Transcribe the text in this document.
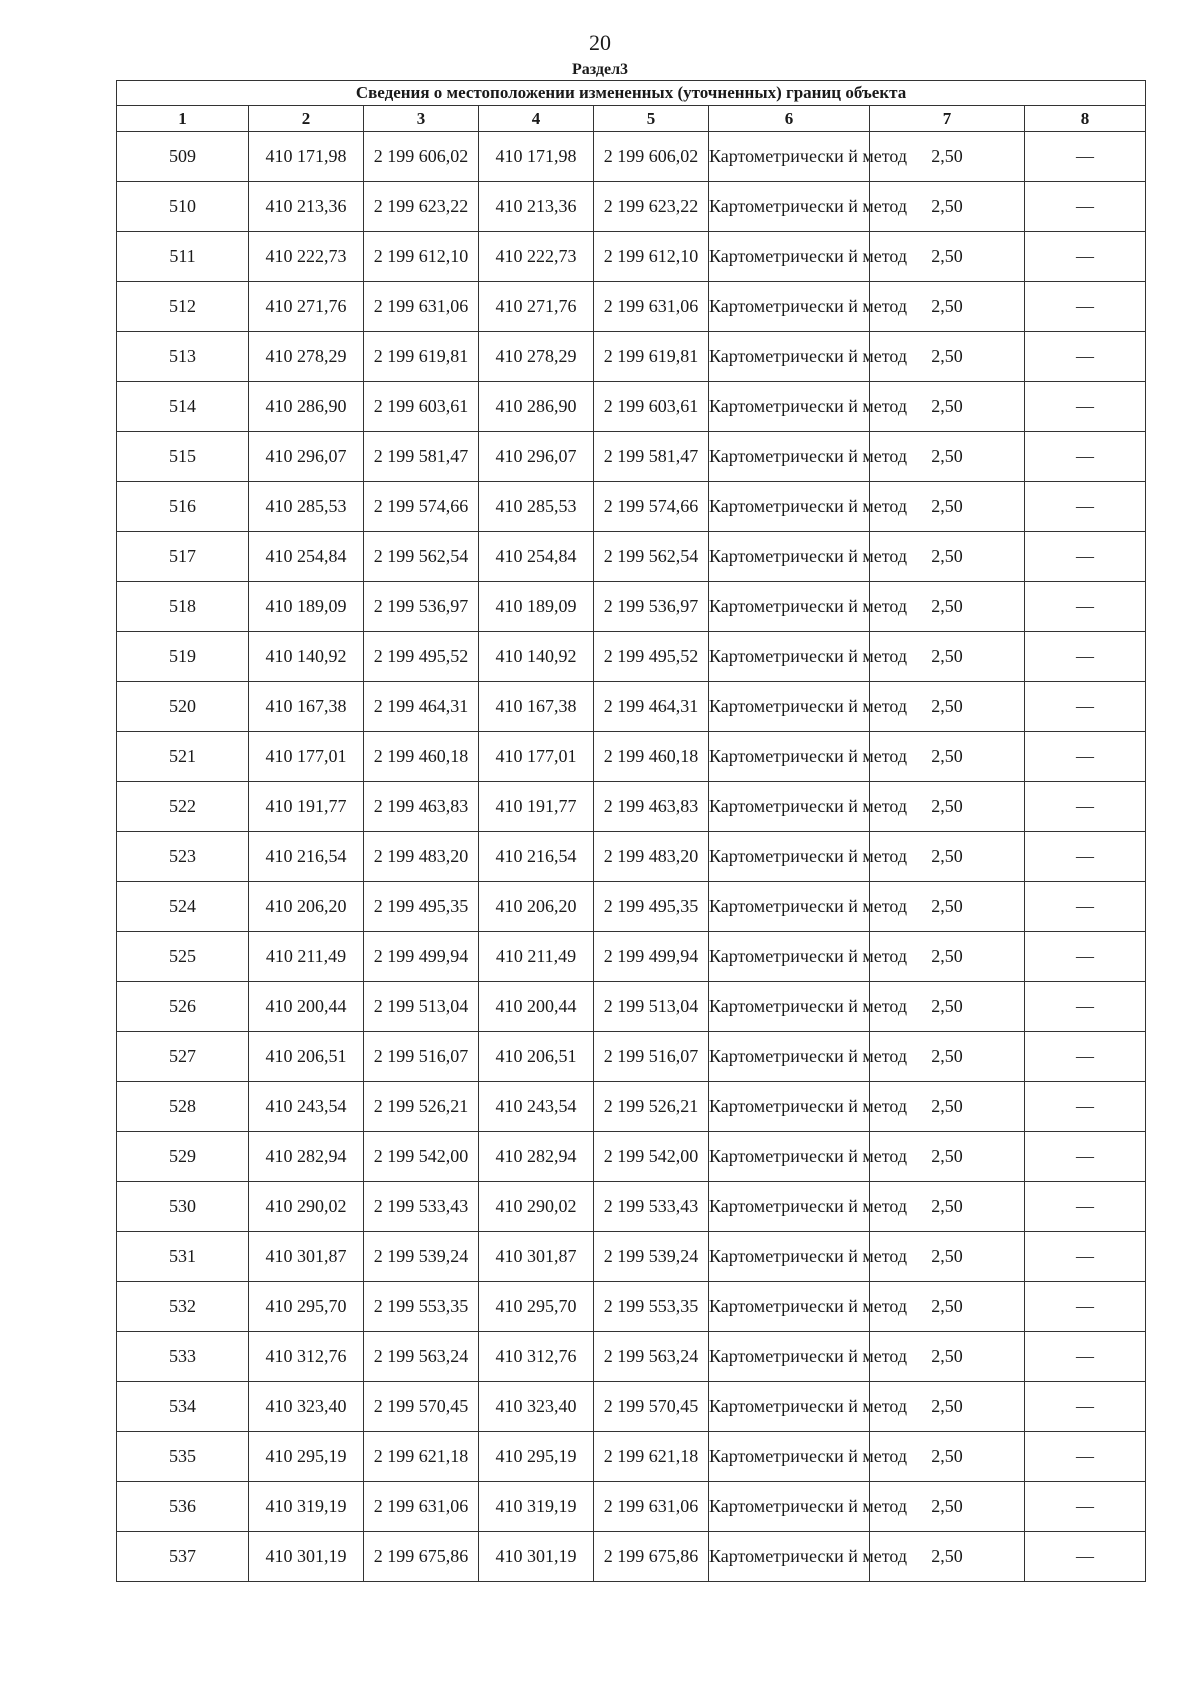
20
Раздел3
Сведения о местоположении измененных (уточненных) границ объекта							
1	2	3	4	5	6	7	8
509	410 171,98	2 199 606,02	410 171,98	2 199 606,02	Картометрически й метод	2,50	—
510	410 213,36	2 199 623,22	410 213,36	2 199 623,22	Картометрически й метод	2,50	—
511	410 222,73	2 199 612,10	410 222,73	2 199 612,10	Картометрически й метод	2,50	—
512	410 271,76	2 199 631,06	410 271,76	2 199 631,06	Картометрически й метод	2,50	—
513	410 278,29	2 199 619,81	410 278,29	2 199 619,81	Картометрически й метод	2,50	—
514	410 286,90	2 199 603,61	410 286,90	2 199 603,61	Картометрически й метод	2,50	—
515	410 296,07	2 199 581,47	410 296,07	2 199 581,47	Картометрически й метод	2,50	—
516	410 285,53	2 199 574,66	410 285,53	2 199 574,66	Картометрически й метод	2,50	—
517	410 254,84	2 199 562,54	410 254,84	2 199 562,54	Картометрически й метод	2,50	—
518	410 189,09	2 199 536,97	410 189,09	2 199 536,97	Картометрически й метод	2,50	—
519	410 140,92	2 199 495,52	410 140,92	2 199 495,52	Картометрически й метод	2,50	—
520	410 167,38	2 199 464,31	410 167,38	2 199 464,31	Картометрически й метод	2,50	—
521	410 177,01	2 199 460,18	410 177,01	2 199 460,18	Картометрически й метод	2,50	—
522	410 191,77	2 199 463,83	410 191,77	2 199 463,83	Картометрически й метод	2,50	—
523	410 216,54	2 199 483,20	410 216,54	2 199 483,20	Картометрически й метод	2,50	—
524	410 206,20	2 199 495,35	410 206,20	2 199 495,35	Картометрически й метод	2,50	—
525	410 211,49	2 199 499,94	410 211,49	2 199 499,94	Картометрически й метод	2,50	—
526	410 200,44	2 199 513,04	410 200,44	2 199 513,04	Картометрически й метод	2,50	—
527	410 206,51	2 199 516,07	410 206,51	2 199 516,07	Картометрически й метод	2,50	—
528	410 243,54	2 199 526,21	410 243,54	2 199 526,21	Картометрически й метод	2,50	—
529	410 282,94	2 199 542,00	410 282,94	2 199 542,00	Картометрически й метод	2,50	—
530	410 290,02	2 199 533,43	410 290,02	2 199 533,43	Картометрически й метод	2,50	—
531	410 301,87	2 199 539,24	410 301,87	2 199 539,24	Картометрически й метод	2,50	—
532	410 295,70	2 199 553,35	410 295,70	2 199 553,35	Картометрически й метод	2,50	—
533	410 312,76	2 199 563,24	410 312,76	2 199 563,24	Картометрически й метод	2,50	—
534	410 323,40	2 199 570,45	410 323,40	2 199 570,45	Картометрически й метод	2,50	—
535	410 295,19	2 199 621,18	410 295,19	2 199 621,18	Картометрически й метод	2,50	—
536	410 319,19	2 199 631,06	410 319,19	2 199 631,06	Картометрически й метод	2,50	—
537	410 301,19	2 199 675,86	410 301,19	2 199 675,86	Картометрически й метод	2,50	—
